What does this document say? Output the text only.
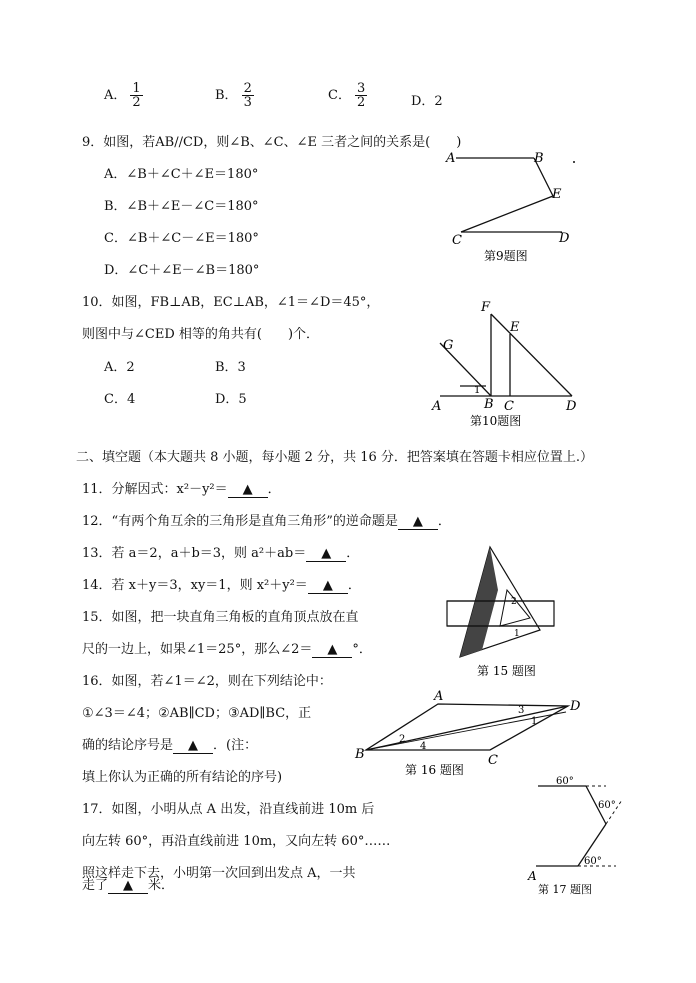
A． $\frac{1}{2}$	B． $\frac{2}{3}$	C． $\frac{3}{2}$	D．2
9．如图，若AB//CD，则∠B、∠C、∠E 三者之间的关系是(　　)
A．∠B＋∠C＋∠E＝180°
B．∠B＋∠E－∠C＝180°
C．∠B＋∠C－∠E＝180°
D．∠C＋∠E－∠B＝180°
A	B
E
C	D
第9题图
10．如图，FB⊥AB，EC⊥AB，∠1＝∠D＝45°，
则图中与∠CED 相等的角共有(　　)个．
A．2	B．3
C．4	D．5
F
E
G
1
A	B C	D
第10题图
二、填空题（本大题共 8 小题，每小题 2 分，共 16 分．把答案填在答题卡相应位置上.）
11．分解因式：x²－y²＝ ▲ ．
12．“有两个角互余的三角形是直角三角形”的逆命题是 ▲ ．
13．若 a＝2，a＋b＝3，则 a²＋ab＝ ▲ ．
14．若 x＋y＝3，xy＝1，则 x²＋y²＝ ▲ ．
15．如图，把一块直角三角板的直角顶点放在直
尺的一边上，如果∠1＝25°，那么∠2＝ ▲ °．
2
1
第 15 题图
16．如图，若∠1＝∠2，则在下列结论中：
①∠3＝∠4；②AB∥CD；③AD∥BC，正
确的结论序号是 ▲ ．(注：
填上你认为正确的所有结论的序号)
A
D
B	C
1
2
3
4
第 16 题图
17．如图，小明从点 A 出发，沿直线前进 10m 后
向左转 60°，再沿直线前进 10m，又向左转 60°……
照这样走下去，小明第一次回到出发点 A，一共
走了 ▲ 米．
60°
60°
60°
A
第 17 题图
